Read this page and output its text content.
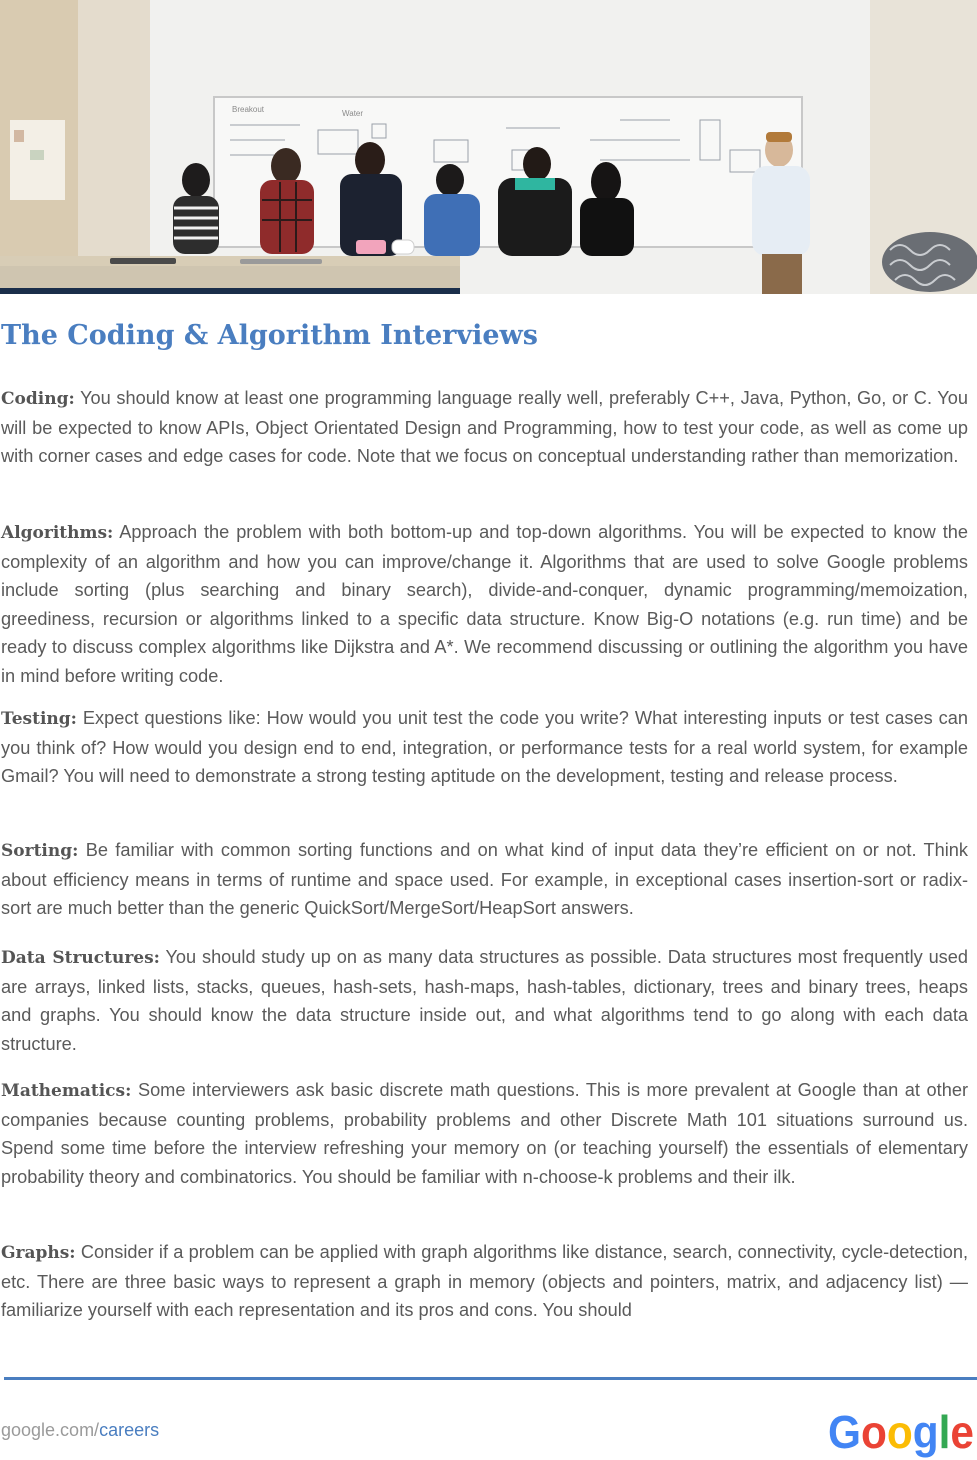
Breakout	Water
The Coding & Algorithm Interviews

Coding: You should know at least one programming language really well, preferably C++, Java, Python, Go, or C. You will be expected to know APIs, Object Orientated Design and Programming, how to test your code, as well as come up with corner cases and edge cases for code. Note that we focus on conceptual understanding rather than memorization.

Algorithms: Approach the problem with both bottom-up and top-down algorithms. You will be expected to know the complexity of an algorithm and how you can improve/change it. Algorithms that are used to solve Google problems include sorting (plus searching and binary search), divide-and-conquer, dynamic programming/memoization, greediness, recursion or algorithms linked to a specific data structure. Know Big-O notations (e.g. run time) and be ready to discuss complex algorithms like Dijkstra and A*. We recommend discussing or outlining the algorithm you have in mind before writing code.

Testing: Expect questions like: How would you unit test the code you write? What interesting inputs or test cases can you think of? How would you design end to end, integration, or performance tests for a real world system, for example Gmail? You will need to demonstrate a strong testing aptitude on the development, testing and release process.

Sorting: Be familiar with common sorting functions and on what kind of input data they’re efficient on or not. Think about efficiency means in terms of runtime and space used. For example, in exceptional cases insertion-sort or radix-sort are much better than the generic QuickSort/MergeSort/HeapSort answers.

Data Structures: You should study up on as many data structures as possible. Data structures most frequently used are arrays, linked lists, stacks, queues, hash-sets, hash-maps, hash-tables, dictionary, trees and binary trees, heaps and graphs. You should know the data structure inside out, and what algorithms tend to go along with each data structure.

Mathematics: Some interviewers ask basic discrete math questions. This is more prevalent at Google than at other companies because counting problems, probability problems and other Discrete Math 101 situations surround us. Spend some time before the interview refreshing your memory on (or teaching yourself) the essentials of elementary probability theory and combinatorics. You should be familiar with n-choose-k problems and their ilk.

Graphs: Consider if a problem can be applied with graph algorithms like distance, search, connectivity, cycle-detection, etc. There are three basic ways to represent a graph in memory (objects and pointers, matrix, and adjacency list) — familiarize yourself with each representation and its pros and cons. You should

google.com/careers	Google
